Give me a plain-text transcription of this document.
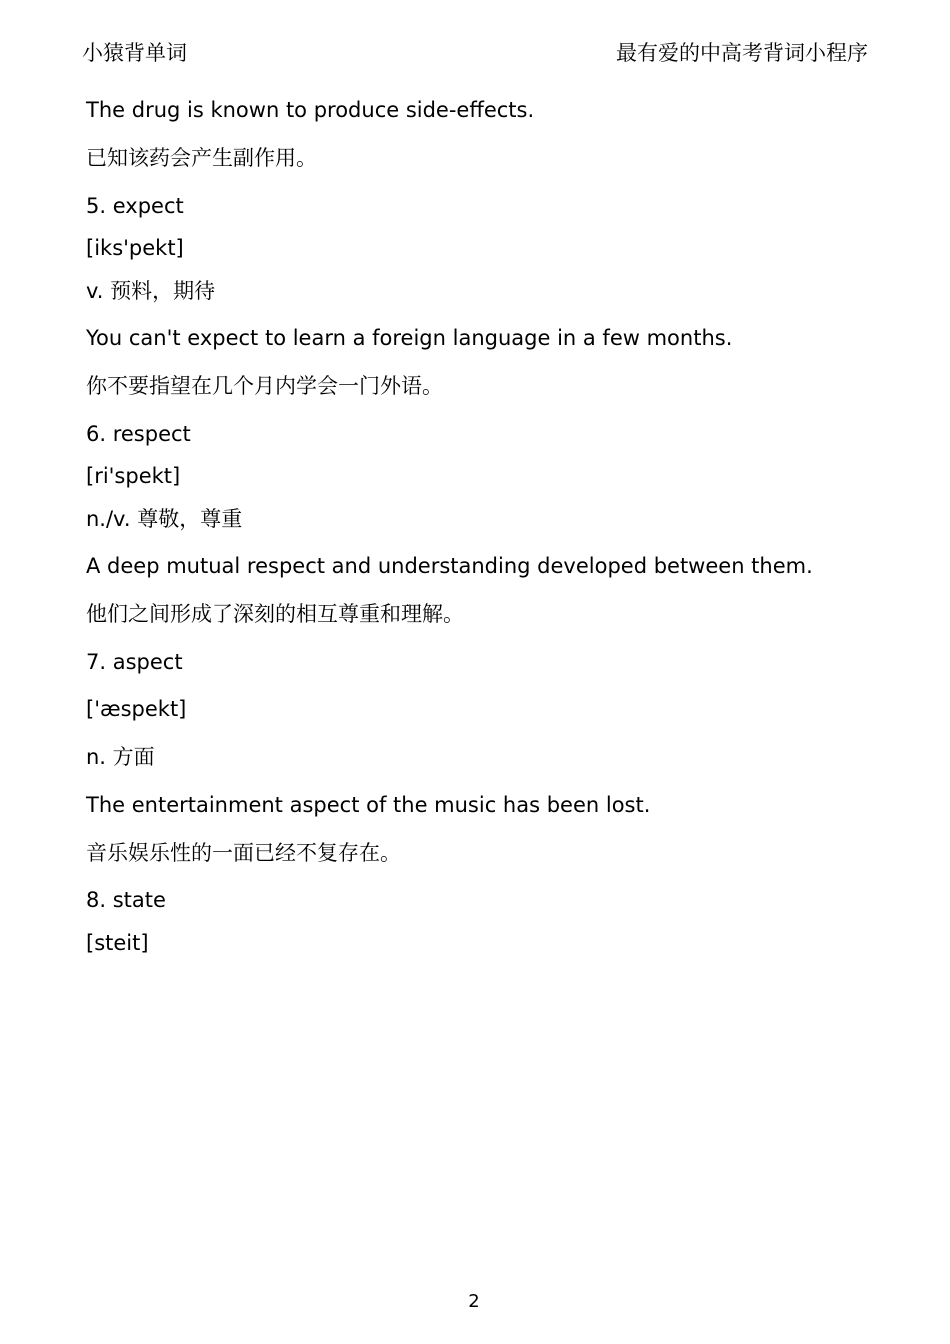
小猿背单词	最有爱的中高考背词小程序
The drug is known to produce side-effects.
已知该药会产生副作用。
5. expect
[iks'pekt]
v. 预料，期待
You can't expect to learn a foreign language in a few months.
你不要指望在几个月内学会一门外语。
6. respect
[ri'spekt]
n./v. 尊敬，尊重
A deep mutual respect and understanding developed between them.
他们之间形成了深刻的相互尊重和理解。
7. aspect
['æspekt]
n. 方面
The entertainment aspect of the music has been lost.
音乐娱乐性的一面已经不复存在。
8. state
[steit]
2
